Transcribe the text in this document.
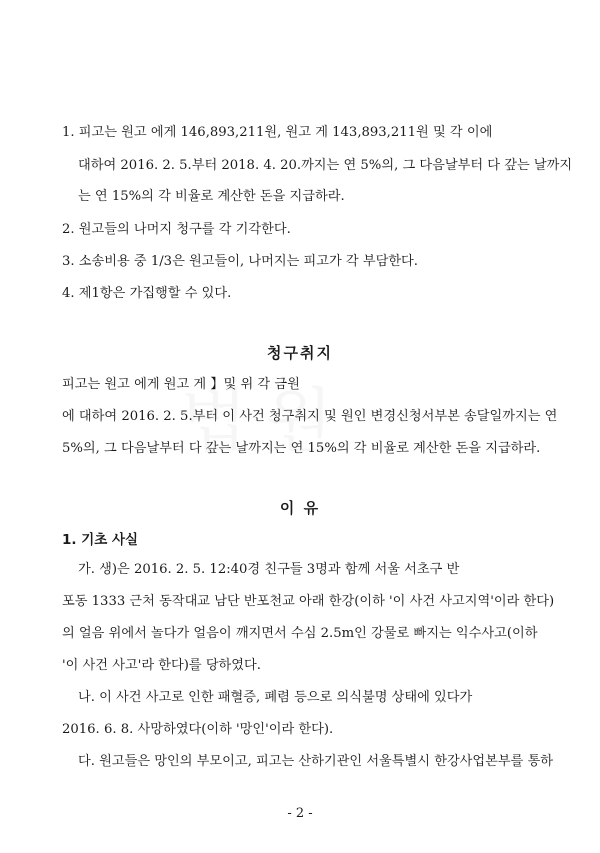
1. 피고는 원고 에게 146,893,211원, 원고 게 143,893,211원 및 각 이에
대하여 2016. 2. 5.부터 2018. 4. 20.까지는 연 5%의, 그 다음날부터 다 갚는 날까지
는 연 15%의 각 비율로 계산한 돈을 지급하라.
2. 원고들의 나머지 청구를 각 기각한다.
3. 소송비용 중 1/3은 원고들이, 나머지는 피고가 각 부담한다.
4. 제1항은 가집행할 수 있다.
청구취지
피고는 원고 에게 원고 게 】및 위 각 금원
에 대하여 2016. 2. 5.부터 이 사건 청구취지 및 원인 변경신청서부본 송달일까지는 연
5%의, 그 다음날부터 다 갚는 날까지는 연 15%의 각 비율로 계산한 돈을 지급하라.
이 유
1. 기초 사실
가. 생)은 2016. 2. 5. 12:40경 친구들 3명과 함께 서울 서초구 반
포동 1333 근처 동작대교 남단 반포천교 아래 한강(이하 '이 사건 사고지역'이라 한다)
의 얼음 위에서 놀다가 얼음이 깨지면서 수심 2.5m인 강물로 빠지는 익수사고(이하
'이 사건 사고'라 한다)를 당하였다.
나. 이 사건 사고로 인한 패혈증, 폐렴 등으로 의식불명 상태에 있다가
2016. 6. 8. 사망하였다(이하 '망인'이라 한다).
다. 원고들은 망인의 부모이고, 피고는 산하기관인 서울특별시 한강사업본부를 통하
- 2 -
